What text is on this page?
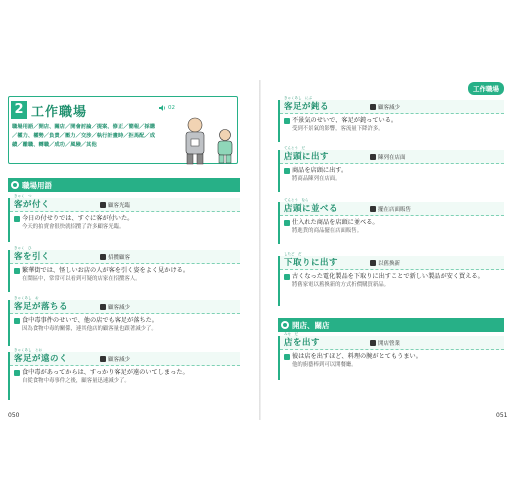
工作職場
2 工作職場	02
職場用語／開店、關店／開會討論／提案、修正／簡報／採購／權力、權勢／負責／壓力／交涉／執行計畫時／拒馬配／成績／離職、轉職／成功／風險／其他
職場用語
きゃく　つ
客が付く	顧客光臨
今日の付せりでは、すぐに客が付いた。
今天的拍賣會很快就招攬了許多顧客光臨。
きゃく　ひ
客を引く	招攬顧客
繁華街では、怪しいお店の人が客を引く姿をよく見かける。
在鬧區中，常常可以看到可疑的店家在招攬客人。
きゃくあし　お
客足が落ちる	顧客減少
食中毒事件のせいで、他の店でも客足が落ちた。
因為食物中毒的關係，連其他店的顧客量也跟著減少了。
きゃくあし　とお
客足が遠のく	顧客減少
食中毒があってからは、すっかり客足が遠のいてしまった。
自從食物中毒事件之後，顧客量迅速減少了。
きゃくあし　にぶ
客足が鈍る	顧客減少
不景気のせいで、客足が鈍っている。
受到不景氣的影響，客流量下降許多。
てんとう　だ
店頭に出す	陳列在店面
商品を店頭に出す。
將商品陳列在店面。
てんとう　なら
店頭に並べる	擺在店面販售
仕入れた商品を店頭に並べる。
將進貨的商品擺在店面販售。
したど　だ
下取りに出す	以舊換新
古くなった電化製品を下取りに出すことで新しい製品が安く買える。
將舊家電以舊換新的方式折價購買新品。
開店、關店
みせ　だ
店を出す	開店營業
彼は店を出すほど、料理の腕がとてもうまい。
他的廚藝棒到可以開餐廳。
050	051
